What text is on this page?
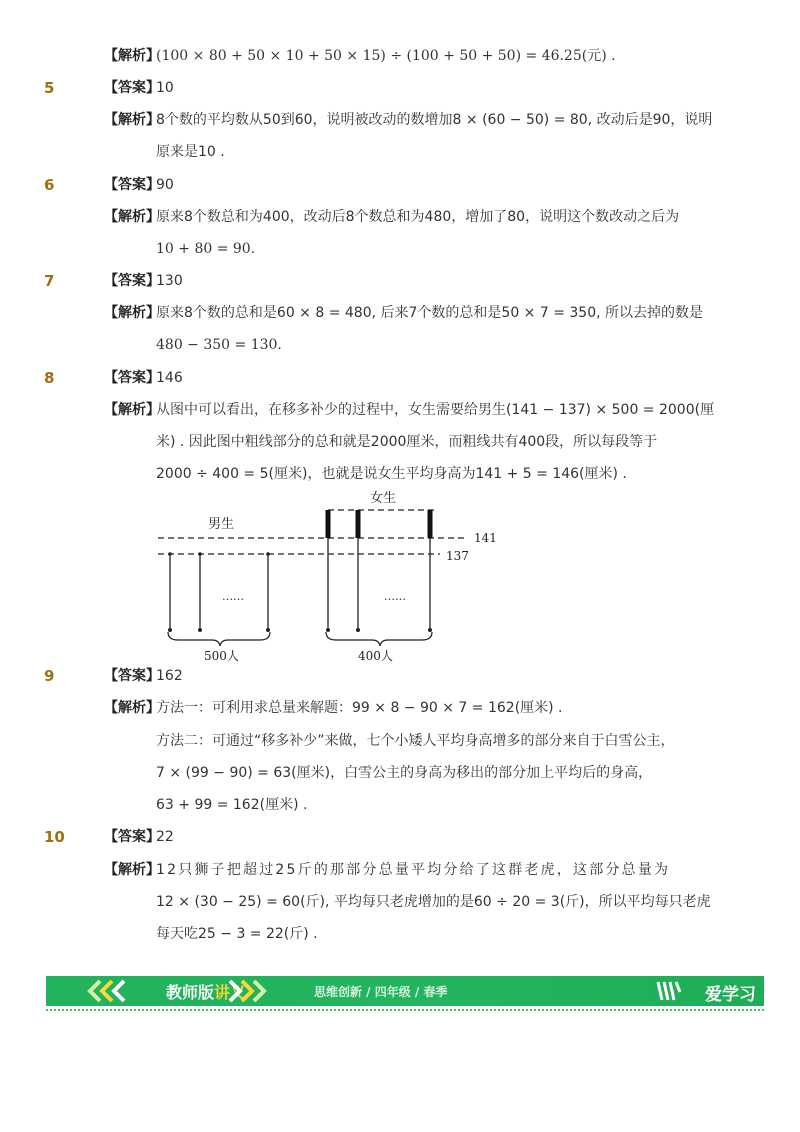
【解析】
(100 × 80 + 50 × 10 + 50 × 15) ÷ (100 + 50 + 50) = 46.25(元) .
5	【答案】
10
【解析】
8个数的平均数从50到60，说明被改动的数增加8 × (60 − 50) = 80, 改动后是90，说明
原来是10 .
6	【答案】
90
【解析】
原来8个数总和为400，改动后8个数总和为480，增加了80，说明这个数改动之后为
10 + 80 = 90.
7	【答案】
130
【解析】
原来8个数的总和是60 × 8 = 480, 后来7个数的总和是50 × 7 = 350, 所以去掉的数是
480 − 350 = 130.
8	【答案】
146
【解析】
从图中可以看出，在移多补少的过程中，女生需要给男生(141 − 137) × 500 = 2000(厘
米) . 因此图中粗线部分的总和就是2000厘米，而粗线共有400段，所以每段等于
2000 ÷ 400 = 5(厘米)，也就是说女生平均身高为141 + 5 = 146(厘米) .
男生
女生
141
137
……	……
500人	400人
9	【答案】
162
【解析】
方法一：可利用求总量来解题：99 × 8 − 90 × 7 = 162(厘米) .
方法二：可通过“移多补少”来做，七个小矮人平均身高增多的部分来自于白雪公主，
7 × (99 − 90) = 63(厘米)，白雪公主的身高为移出的部分加上平均后的身高，
63 + 99 = 162(厘米) .
10	【答案】
22
【解析】
12只狮子把超过25斤的那部分总量平均分给了这群老虎，这部分总量为
12 × (30 − 25) = 60(斤), 平均每只老虎增加的是60 ÷ 20 = 3(斤)，所以平均每只老虎
每天吃25 − 3 = 22(斤) .
教师版讲义	思维创新 / 四年级 / 春季	爱学习
